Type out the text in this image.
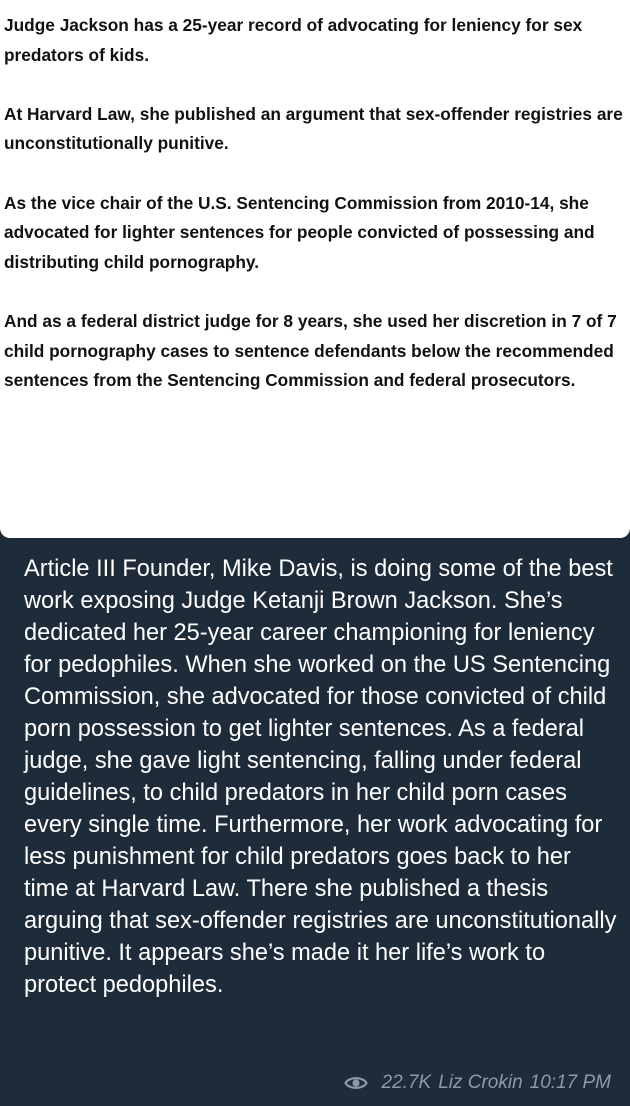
Judge Jackson has a 25-year record of advocating for leniency for sex predators of kids.

At Harvard Law, she published an argument that sex-offender registries are unconstitutionally punitive.

As the vice chair of the U.S. Sentencing Commission from 2010-14, she advocated for lighter sentences for people convicted of possessing and distributing child pornography.

And as a federal district judge for 8 years, she used her discretion in 7 of 7 child pornography cases to sentence defendants below the recommended sentences from the Sentencing Commission and federal prosecutors.

Article III Founder, Mike Davis, is doing some of the best work exposing Judge Ketanji Brown Jackson. She’s dedicated her 25-year career championing for leniency for pedophiles. When she worked on the US Sentencing Commission, she advocated for those convicted of child porn possession to get lighter sentences. As a federal judge, she gave light sentencing, falling under federal guidelines, to child predators in her child porn cases every single time. Furthermore, her work advocating for less punishment for child predators goes back to her time at Harvard Law. There she published a thesis arguing that sex-offender registries are unconstitutionally punitive. It appears she’s made it her life’s work to protect pedophiles.
22.7K Liz Crokin 10:17 PM
